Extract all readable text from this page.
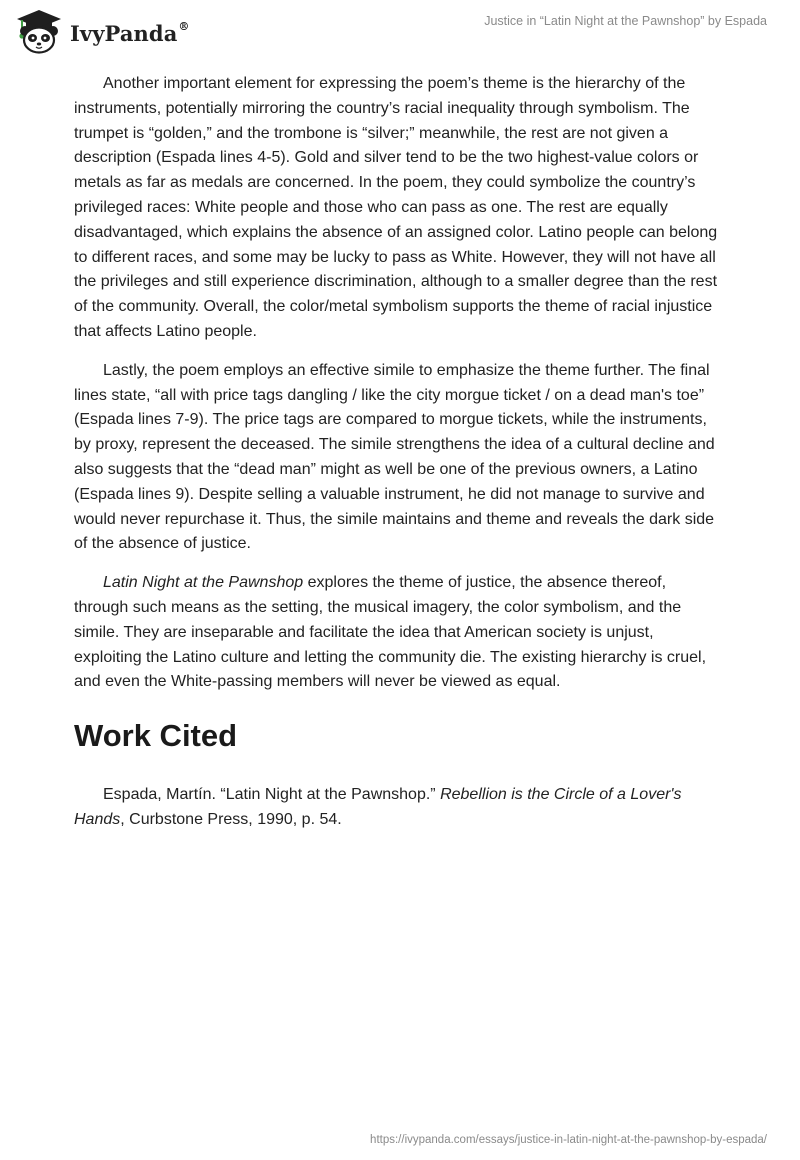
IvyPanda®	Justice in “Latin Night at the Pawnshop” by Espada

Another important element for expressing the poem’s theme is the hierarchy of the instruments, potentially mirroring the country’s racial inequality through symbolism. The trumpet is “golden,” and the trombone is “silver;” meanwhile, the rest are not given a description (Espada lines 4-5). Gold and silver tend to be the two highest-value colors or metals as far as medals are concerned. In the poem, they could symbolize the country’s privileged races: White people and those who can pass as one. The rest are equally disadvantaged, which explains the absence of an assigned color. Latino people can belong to different races, and some may be lucky to pass as White. However, they will not have all the privileges and still experience discrimination, although to a smaller degree than the rest of the community. Overall, the color/metal symbolism supports the theme of racial injustice that affects Latino people.

Lastly, the poem employs an effective simile to emphasize the theme further. The final lines state, “all with price tags dangling / like the city morgue ticket / on a dead man's toe” (Espada lines 7-9). The price tags are compared to morgue tickets, while the instruments, by proxy, represent the deceased. The simile strengthens the idea of a cultural decline and also suggests that the “dead man” might as well be one of the previous owners, a Latino (Espada lines 9). Despite selling a valuable instrument, he did not manage to survive and would never repurchase it. Thus, the simile maintains and theme and reveals the dark side of the absence of justice.

Latin Night at the Pawnshop explores the theme of justice, the absence thereof, through such means as the setting, the musical imagery, the color symbolism, and the simile. They are inseparable and facilitate the idea that American society is unjust, exploiting the Latino culture and letting the community die. The existing hierarchy is cruel, and even the White-passing members will never be viewed as equal.

Work Cited

Espada, Martín. “Latin Night at the Pawnshop.” Rebellion is the Circle of a Lover's Hands, Curbstone Press, 1990, p. 54.

https://ivypanda.com/essays/justice-in-latin-night-at-the-pawnshop-by-espada/
